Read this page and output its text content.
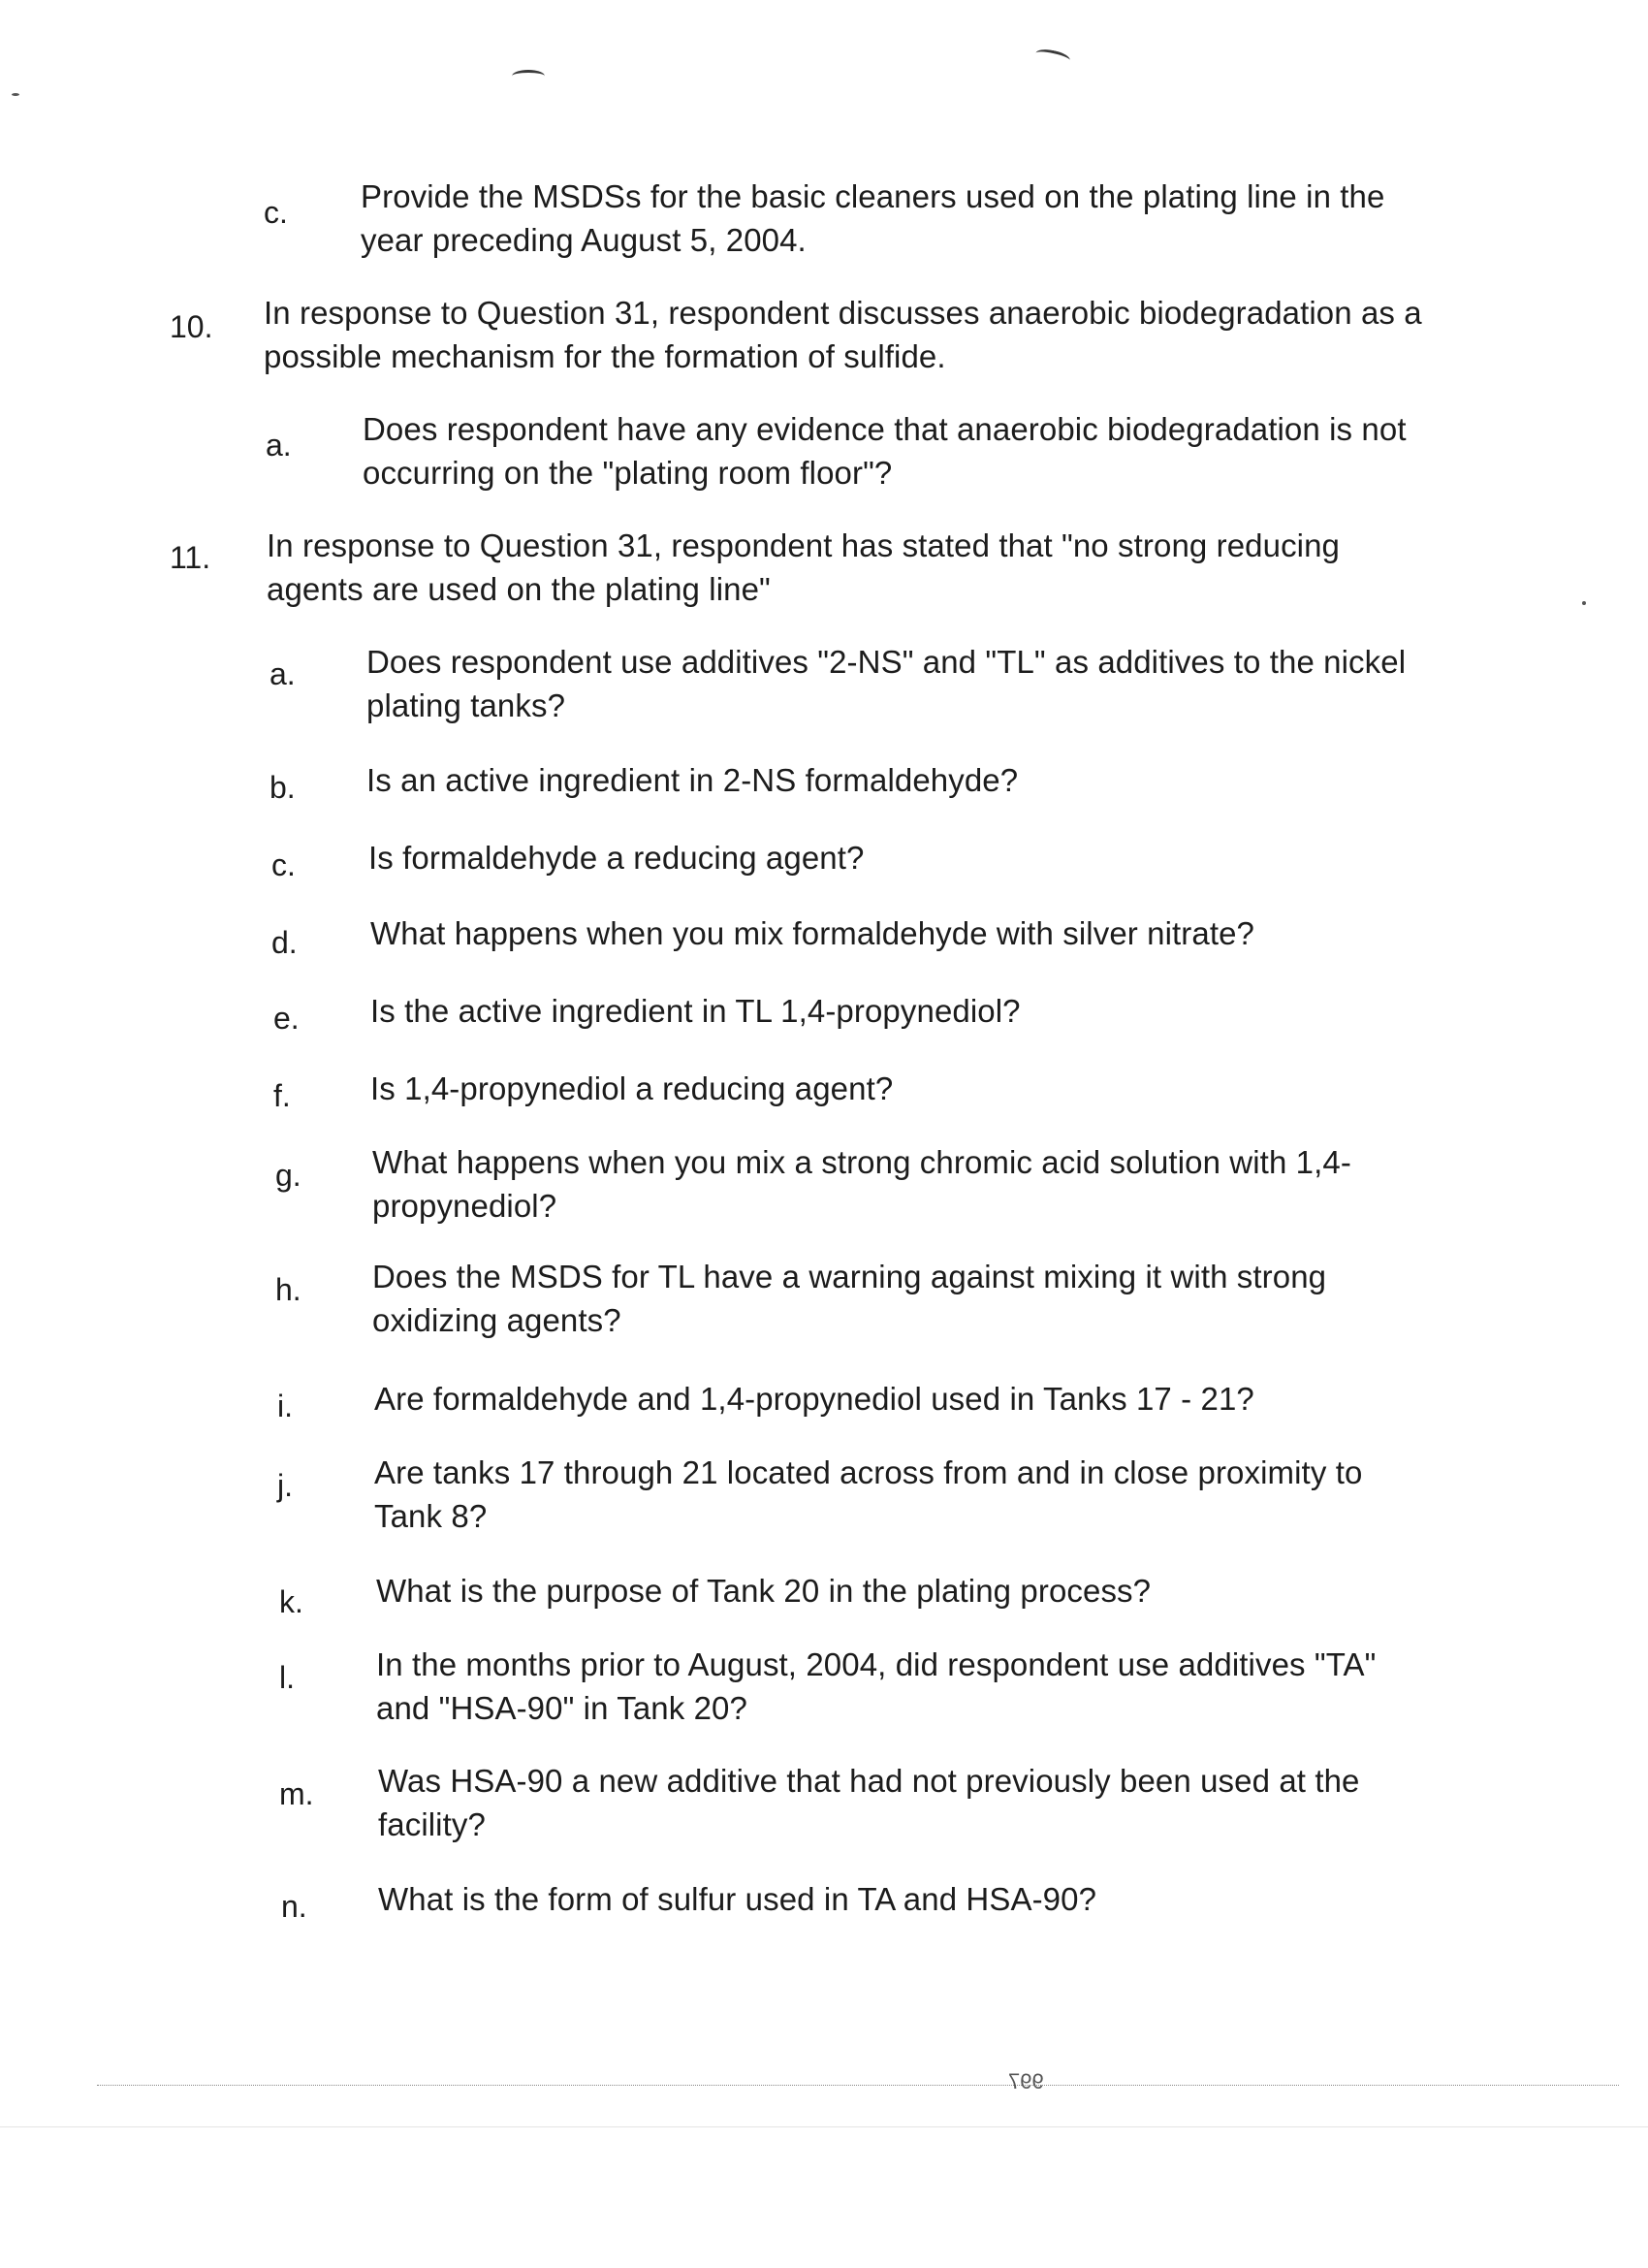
c. Provide the MSDSs for the basic cleaners used on the plating line in the year preceding August 5, 2004.
10. In response to Question 31, respondent discusses anaerobic biodegradation as a possible mechanism for the formation of sulfide.
a. Does respondent have any evidence that anaerobic biodegradation is not occurring on the "plating room floor"?
11. In response to Question 31, respondent has stated that "no strong reducing agents are used on the plating line"
a. Does respondent use additives "2-NS" and "TL" as additives to the nickel plating tanks?
b. Is an active ingredient in 2-NS formaldehyde?
c. Is formaldehyde a reducing agent?
d. What happens when you mix formaldehyde with silver nitrate?
e. Is the active ingredient in TL 1,4-propynediol?
f. Is 1,4-propynediol a reducing agent?
g. What happens when you mix a strong chromic acid solution with 1,4-propynediol?
h. Does the MSDS for TL have a warning against mixing it with strong oxidizing agents?
i.	Are formaldehyde and 1,4-propynediol used in Tanks 17 - 21?
j.	Are tanks 17 through 21 located across from and in close proximity to Tank 8?
k. What is the purpose of Tank 20 in the plating process?
l.	In the months prior to August, 2004, did respondent use additives "TA" and "HSA-90" in Tank 20?
m. Was HSA-90 a new additive that had not previously been used at the facility?
n. What is the form of sulfur used in TA and HSA-90?
997
